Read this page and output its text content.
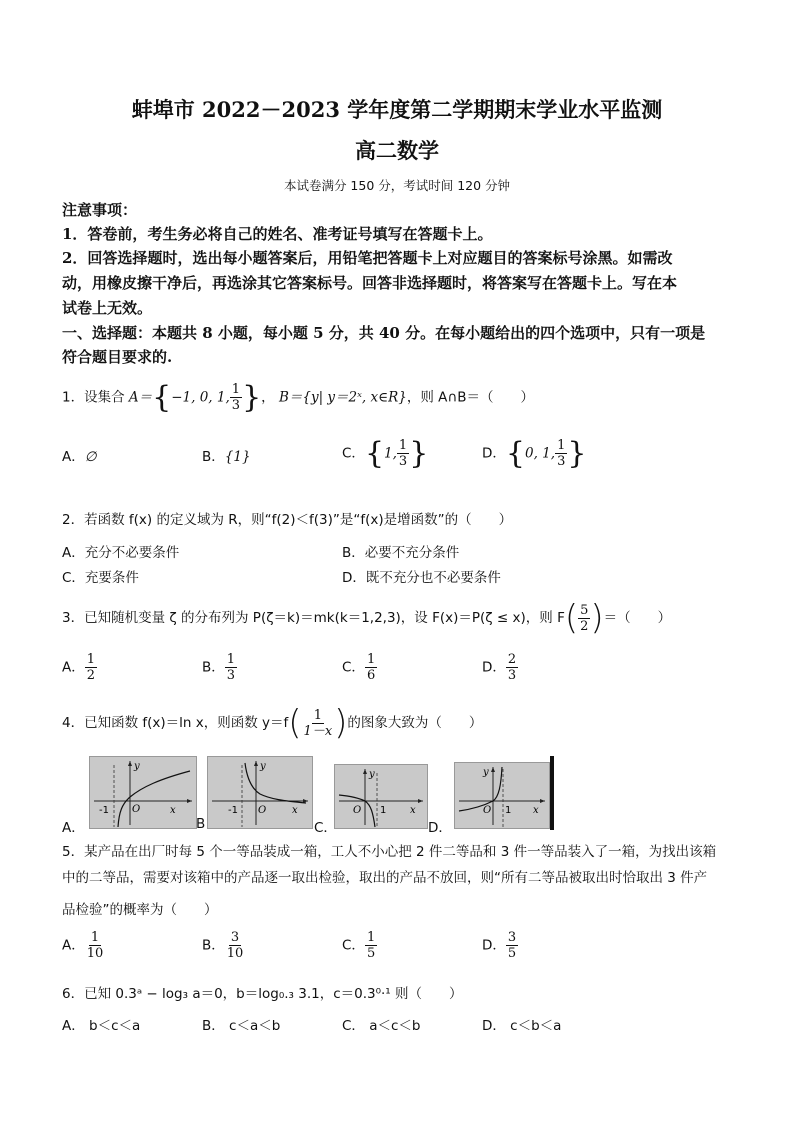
蚌埠市 2022－2023 学年度第二学期期末学业水平监测
高二数学
本试卷满分 150 分，考试时间 120 分钟
注意事项：
1．答卷前，考生务必将自己的姓名、准考证号填写在答题卡上。
2．回答选择题时，选出每小题答案后，用铅笔把答题卡上对应题目的答案标号涂黑。如需改
动，用橡皮擦干净后，再选涂其它答案标号。回答非选择题时，将答案写在答题卡上。写在本
试卷上无效。
一、选择题：本题共 8 小题，每小题 5 分，共 40 分。在每小题给出的四个选项中，只有一项是
符合题目要求的.
1．设集合 A＝{−1, 0, 1, $\frac{1}{3}$ }， B＝{y| y＝2ˣ, x∈R}，则 A∩B＝（　　）
A．∅	B．{1}	C．{1, $\frac{1}{3}$ }	D．{0, 1, $\frac{1}{3}$ }
2．若函数 f(x) 的定义域为 R，则“f(2)＜f(3)”是“f(x)是增函数”的（　　）
A．充分不必要条件	B．必要不充分条件
C．充要条件	D．既不充分也不必要条件
3．已知随机变量 ζ 的分布列为 P(ζ＝k)＝mk(k＝1,2,3)，设 F(x)＝P(ζ ≤ x)，则 $F( \frac{5}{2}$ )＝（　　）
A． $\frac{1}{2}$	B． $\frac{1}{3}$	C． $\frac{1}{6}$	D． $\frac{2}{3}$
4．已知函数 f(x)＝ln x，则函数 $y=f( \frac{1}{1-x}$ )的图象大致为（　　）
-1 O	x
y
A．
-1 O	x
y
B
O 1 x
y
C．
O 1 x
y
D．
5．某产品在出厂时每 5 个一等品装成一箱，工人不小心把 2 件二等品和 3 件一等品装入了一箱，为找出该箱
中的二等品，需要对该箱中的产品逐一取出检验，取出的产品不放回，则“所有二等品被取出时恰取出 3 件产
品检验”的概率为（　　）
A． $\frac{1}{10}$	B． $\frac{3}{10}$	C． $\frac{1}{5}$	D． $\frac{3}{5}$
6．已知 0.3ᵃ − log₃ a＝0，b＝log₀.₃ 3.1，c＝0.3⁰·¹ 则（　　）
A． b＜c＜a	B． c＜a＜b	C． a＜c＜b	D． c＜b＜a
